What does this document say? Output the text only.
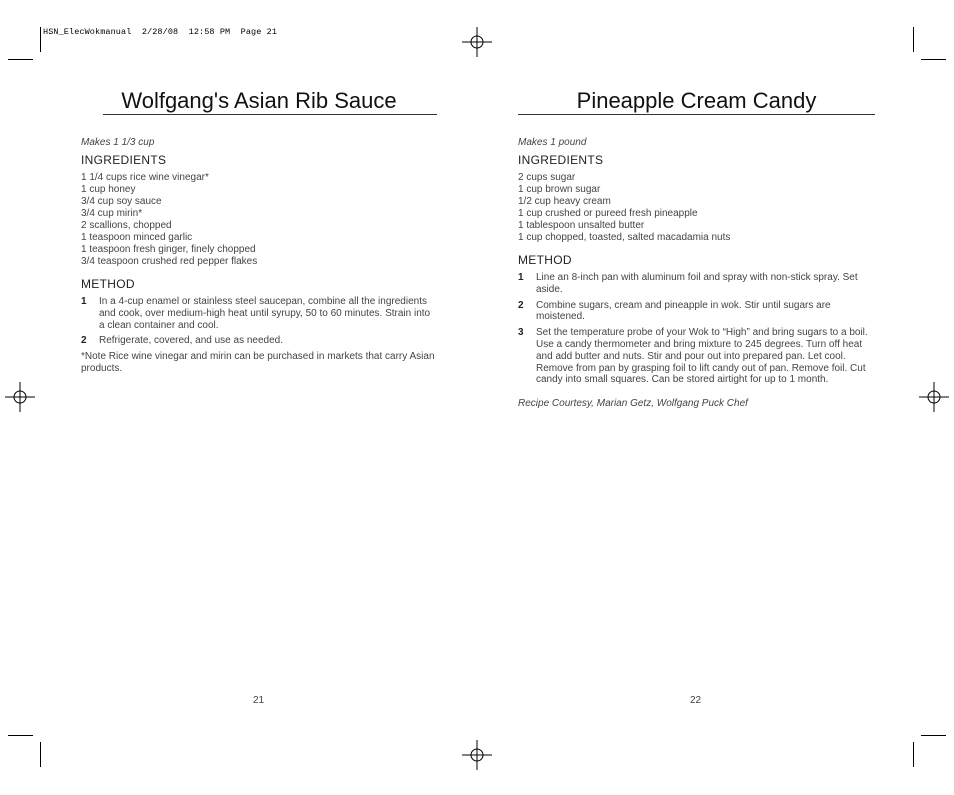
HSN_ElecWokmanual  2/28/08  12:58 PM  Page 21
Wolfgang's Asian Rib Sauce
Makes 1 1/3 cup
INGREDIENTS
1 1/4 cups rice wine vinegar*
1 cup honey
3/4 cup soy sauce
3/4 cup mirin*
2 scallions, chopped
1 teaspoon minced garlic
1 teaspoon fresh ginger, finely chopped
3/4 teaspoon crushed red pepper flakes
METHOD
1	In a 4-cup enamel or stainless steel saucepan, combine all the ingredients and cook, over medium-high heat until syrupy, 50 to 60 minutes. Strain into a clean container and cool.
2	Refrigerate, covered, and use as needed.
*Note Rice wine vinegar and mirin can be purchased in markets that carry Asian products.
Pineapple Cream Candy
Makes 1 pound
INGREDIENTS
2 cups sugar
1 cup brown sugar
1/2 cup heavy cream
1 cup crushed or pureed fresh pineapple
1 tablespoon unsalted butter
1 cup chopped, toasted, salted macadamia nuts
METHOD
1	Line an 8-inch pan with aluminum foil and spray with non-stick spray. Set aside.
2	Combine sugars, cream and pineapple in wok. Stir until sugars are moistened.
3	Set the temperature probe of your Wok to “High” and bring sugars to a boil. Use a candy thermometer and bring mixture to 245 degrees. Turn off heat and add butter and nuts. Stir and pour out into prepared pan. Let cool. Remove from pan by grasping foil to lift candy out of pan. Remove foil. Cut candy into small squares. Can be stored airtight for up to 1 month.
Recipe Courtesy, Marian Getz, Wolfgang Puck Chef
21	22
